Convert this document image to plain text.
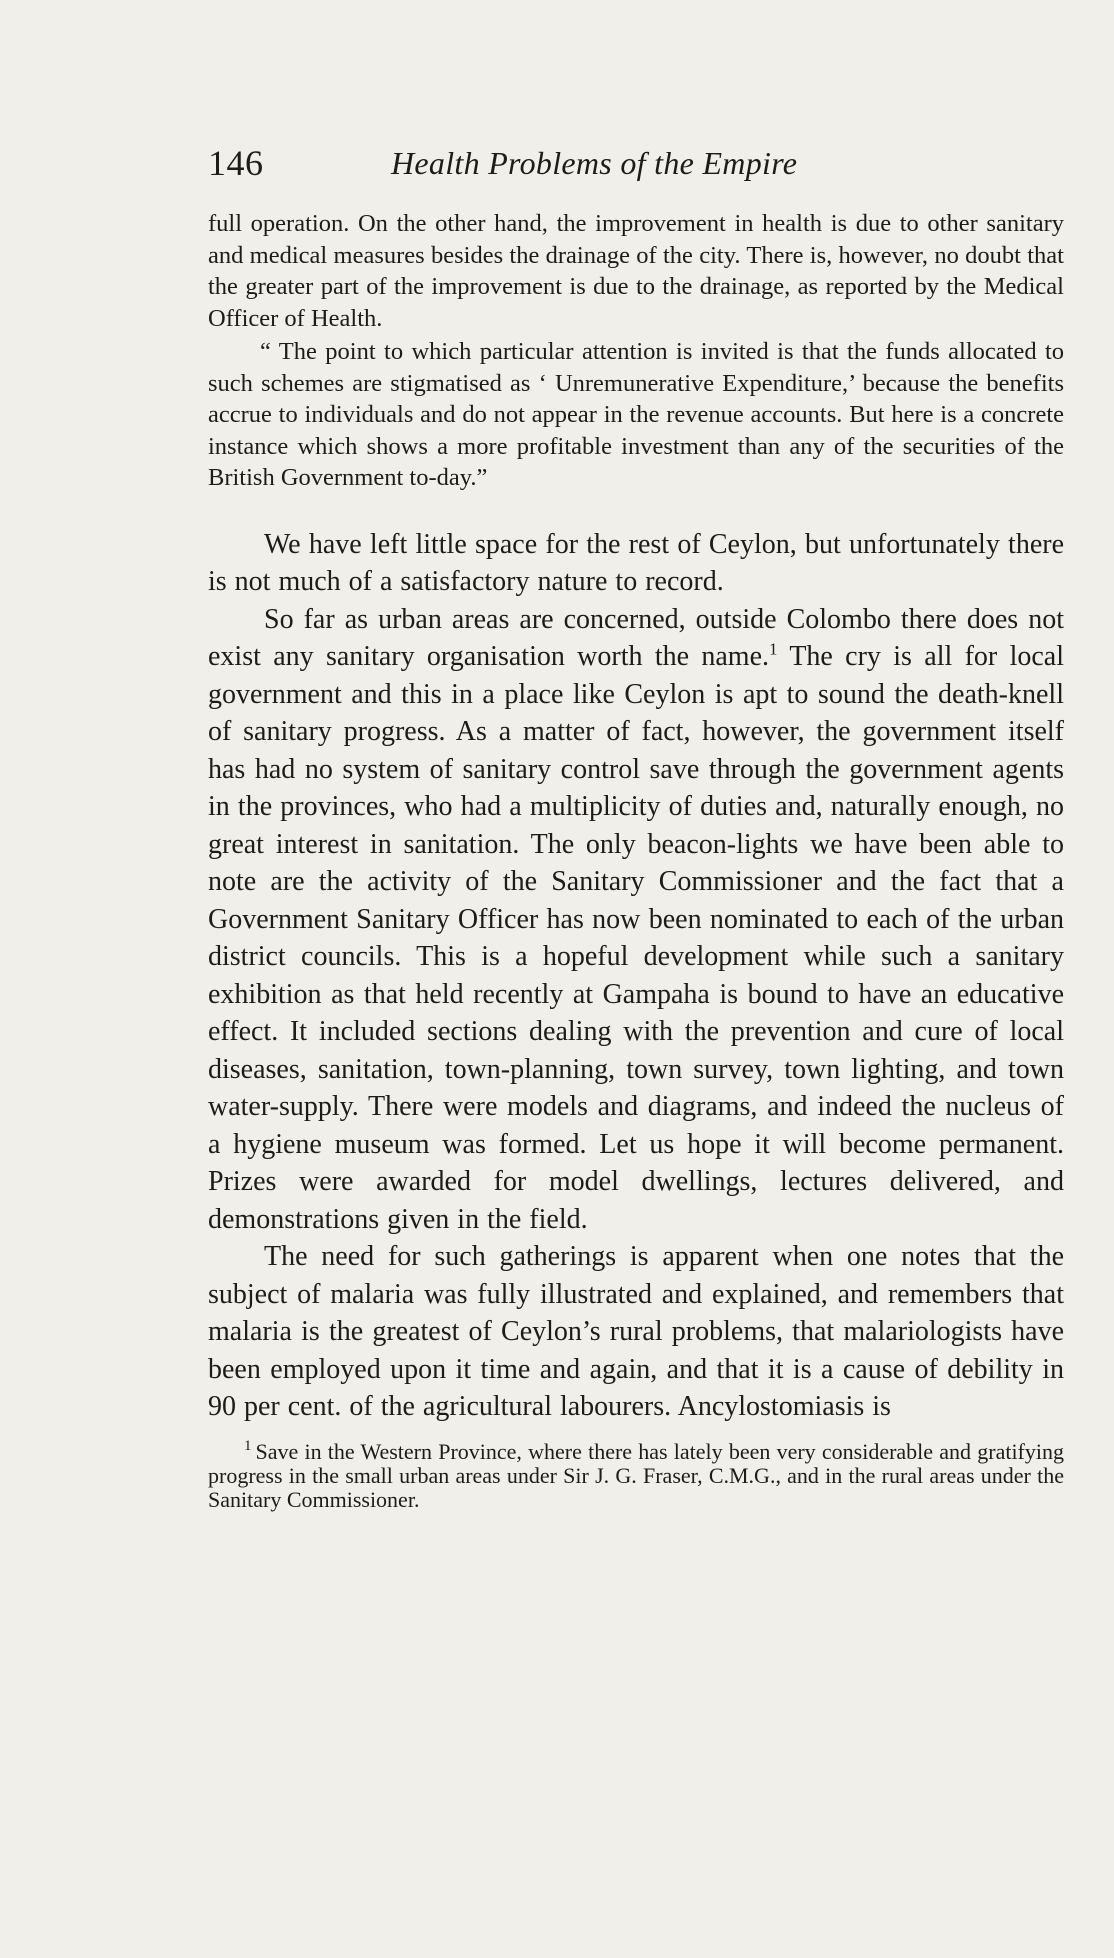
146	Health Problems of the Empire

full operation. On the other hand, the improvement in health is due to other sanitary and medical measures besides the drainage of the city. There is, however, no doubt that the greater part of the improvement is due to the drainage, as reported by the Medical Officer of Health.

“ The point to which particular attention is invited is that the funds allocated to such schemes are stigmatised as ‘ Unremunerative Expenditure,’ because the benefits accrue to individuals and do not appear in the revenue accounts. But here is a concrete instance which shows a more profitable investment than any of the securities of the British Government to-day.”

We have left little space for the rest of Ceylon, but unfortunately there is not much of a satisfactory nature to record.

So far as urban areas are concerned, outside Colombo there does not exist any sanitary organisation worth the name.$^1$ The cry is all for local government and this in a place like Ceylon is apt to sound the death-knell of sanitary progress. As a matter of fact, however, the government itself has had no system of sanitary control save through the government agents in the provinces, who had a multiplicity of duties and, naturally enough, no great interest in sanitation. The only beacon-lights we have been able to note are the activity of the Sanitary Commissioner and the fact that a Government Sanitary Officer has now been nominated to each of the urban district councils. This is a hopeful development while such a sanitary exhibition as that held recently at Gampaha is bound to have an educative effect. It included sections dealing with the prevention and cure of local diseases, sanitation, town-planning, town survey, town lighting, and town water-supply. There were models and diagrams, and indeed the nucleus of a hygiene museum was formed. Let us hope it will become permanent. Prizes were awarded for model dwellings, lectures delivered, and demonstrations given in the field.

The need for such gatherings is apparent when one notes that the subject of malaria was fully illustrated and explained, and remembers that malaria is the greatest of Ceylon’s rural problems, that malariologists have been employed upon it time and again, and that it is a cause of debility in 90 per cent. of the agricultural labourers. Ancylostomiasis is

$^1$ Save in the Western Province, where there has lately been very considerable and gratifying progress in the small urban areas under Sir J. G. Fraser, C.M.G., and in the rural areas under the Sanitary Commissioner.
